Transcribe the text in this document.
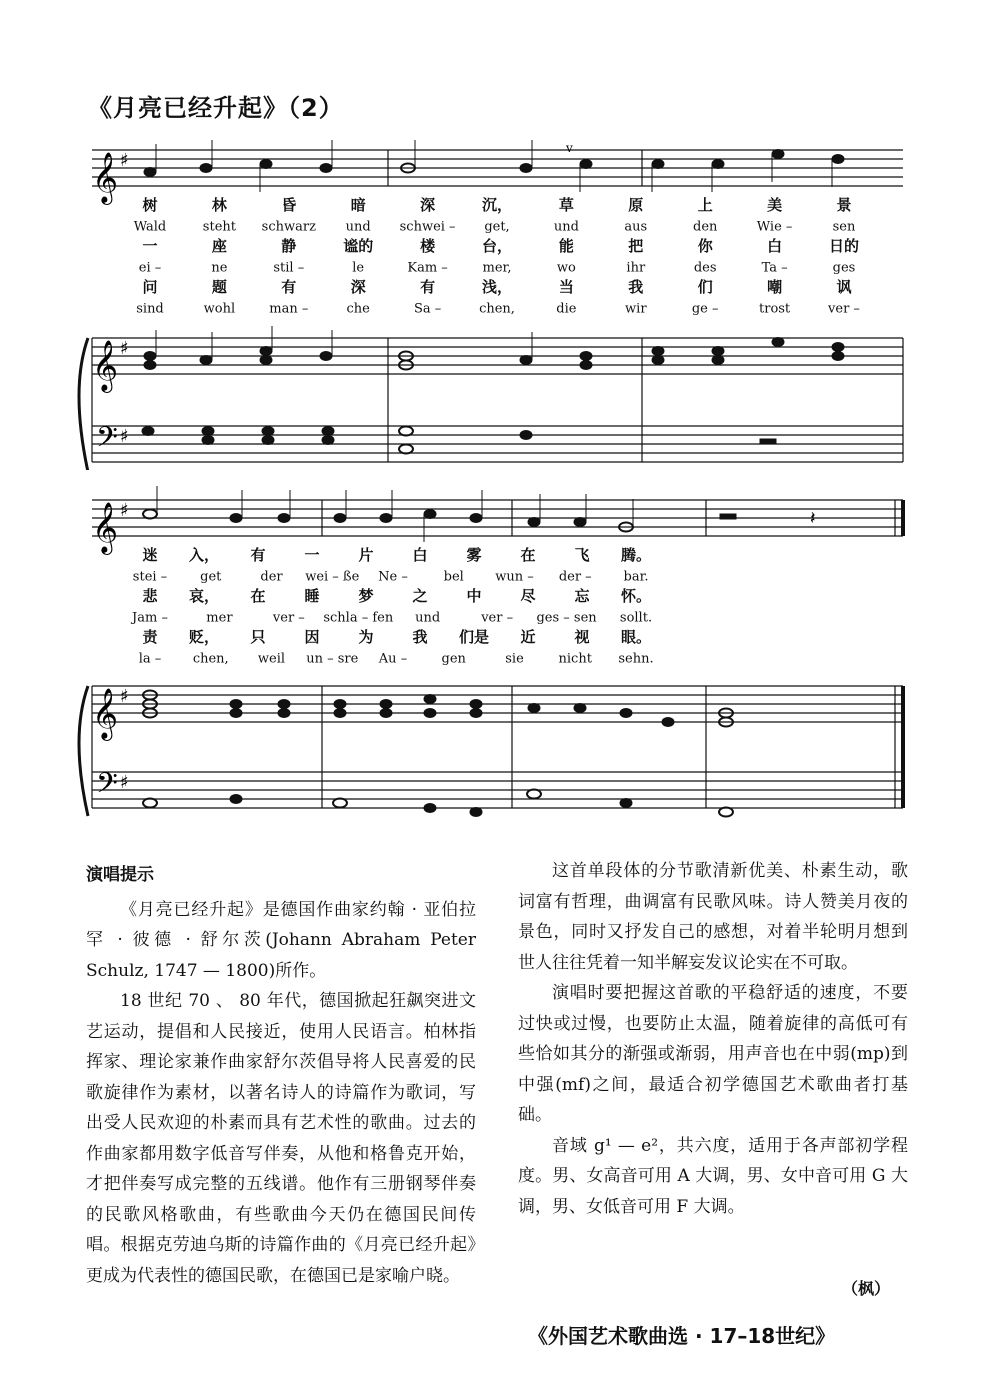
《月亮已经升起》（2）
𝄞 ♯
v
树	林	昏	暗	深	沉，	草	原	上	美	景
Wald	steht schwarz und schwei – get,	und	aus	den	Wie –	sen
一	座	静	谧的	楼	台，	能	把	你	白	日的
ei –	ne	stil –	le	Kam –	mer,	wo	ihr	des	Ta –	ges
问	题	有	深	有	浅，	当	我	们	嘲	讽
sind	wohl	man –	che	Sa –	chen,	die	wir	ge –	trost	ver –
𝄞
𝄢
♯
♯
𝄞 ♯	𝄽
迷 入， 有	一	片	白	雾	在	飞 腾。
stei –	get	der wei – ße Ne –	bel wun – der – bar.
悲 哀， 在	睡	梦	之	中	尽	忘 怀。
Jam –	mer	ver – schla – fen und	ver – ges – sen sollt.
责 贬， 只	因	为	我 们是 近	视 眼。
la – chen, weil un – sre Au –	gen	sie	nicht sehn.
𝄞
𝄢
♯
♯
演唱提示

《月亮已经升起》是德国作曲家约翰 · 亚伯拉罕 · 彼德 · 舒尔茨(Johann Abraham Peter Schulz, 1747 — 1800)所作。

18 世纪 70 、 80 年代，德国掀起狂飙突进文艺运动，提倡和人民接近，使用人民语言。柏林指挥家、理论家兼作曲家舒尔茨倡导将人民喜爱的民歌旋律作为素材，以著名诗人的诗篇作为歌词，写出受人民欢迎的朴素而具有艺术性的歌曲。过去的作曲家都用数字低音写伴奏，从他和格鲁克开始，才把伴奏写成完整的五线谱。他作有三册钢琴伴奏的民歌风格歌曲，有些歌曲今天仍在德国民间传唱。根据克劳迪乌斯的诗篇作曲的《月亮已经升起》更成为代表性的德国民歌，在德国已是家喻户晓。

这首单段体的分节歌清新优美、朴素生动，歌词富有哲理，曲调富有民歌风味。诗人赞美月夜的景色，同时又抒发自己的感想，对着半轮明月想到世人往往凭着一知半解妄发议论实在不可取。

演唱时要把握这首歌的平稳舒适的速度，不要过快或过慢，也要防止太温，随着旋律的高低可有些恰如其分的渐强或渐弱，用声音也在中弱(mp)到中强(mf)之间，最适合初学德国艺术歌曲者打基础。

音域 g¹ — e²，共六度，适用于各声部初学程度。男、女高音可用 A 大调，男、女中音可用 G 大调，男、女低音可用 F 大调。

（枫）
《外国艺术歌曲选 · 17–18世纪》
